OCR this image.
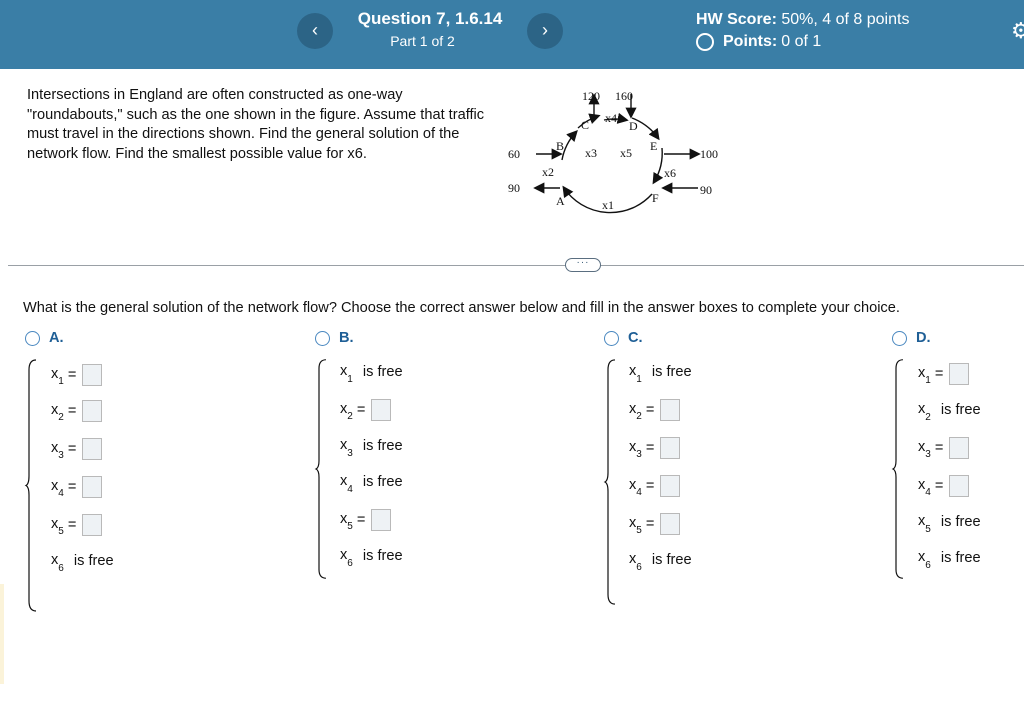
‹
Question 7, 1.6.14
Part 1 of 2
›
HW Score: 50%, 4 of 8 points
Points: 0 of 1	⚙
Intersections in England are often constructed as one-way "roundabouts," such as the one shown in the figure. Assume that traffic must travel in the directions shown. Find the general solution of the network flow. Find the smallest possible value for x6.
120 160
60
90
100
90
A
B
C	D
E
F
x1
x2
x3
x4
x5
x6
···
What is the general solution of the network flow? Choose the correct answer below and fill in the answer boxes to complete your choice.
A.
$x_1$ =
$x_2$ =
$x_3$ =
$x_4$ =
$x_5$ =
$x_6$ is free
B.
$x_1$ is free
$x_2$ =
$x_3$ is free
$x_4$ is free
$x_5$ =
$x_6$ is free
C.
$x_1$ is free
$x_2$ =
$x_3$ =
$x_4$ =
$x_5$ =
$x_6$ is free
D.
$x_1$ =
$x_2$ is free
$x_3$ =
$x_4$ =
$x_5$ is free
$x_6$ is free
